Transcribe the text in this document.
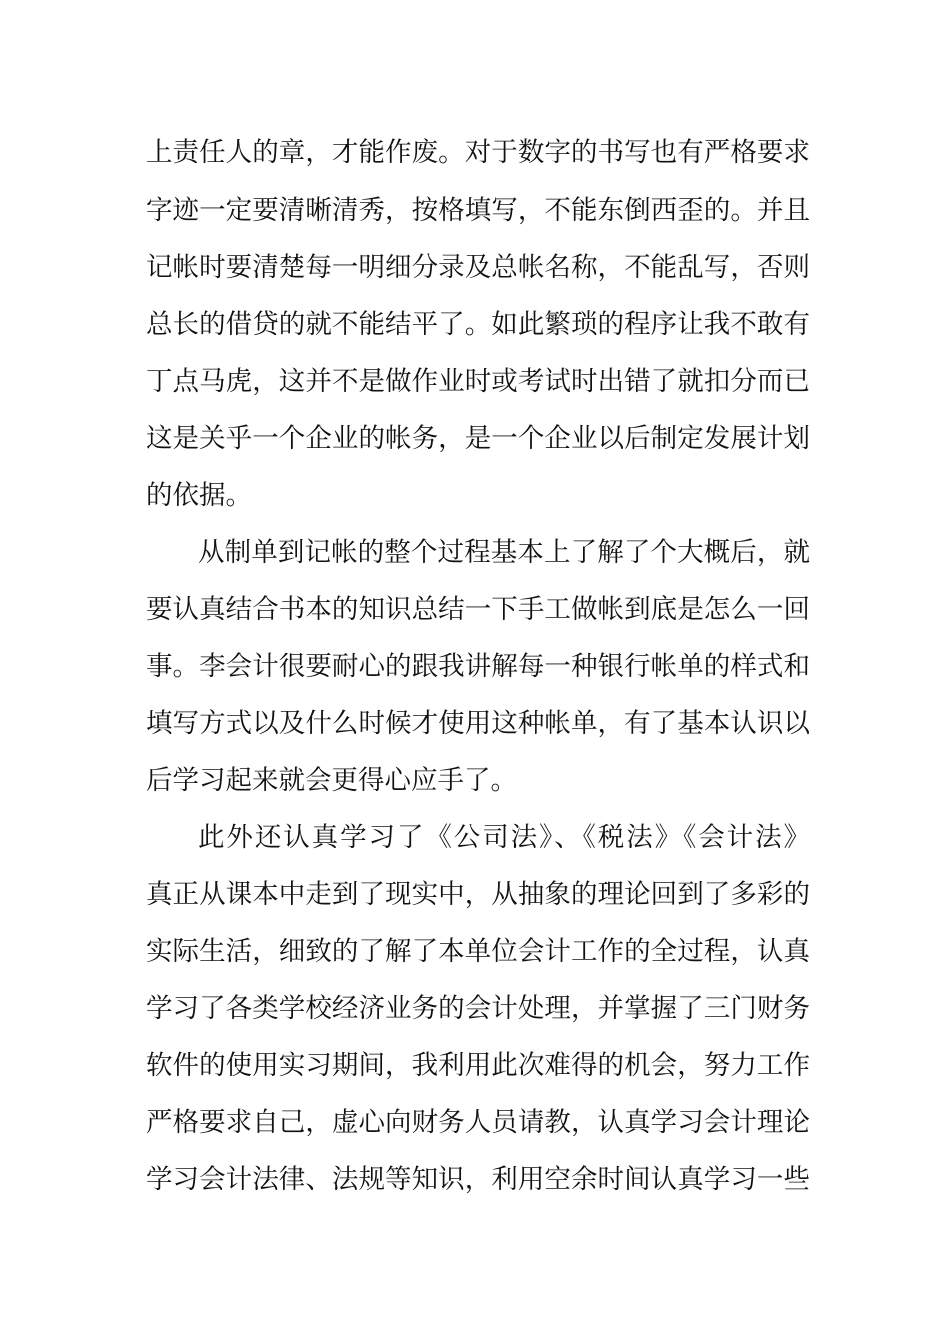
上责任人的章，才能作废。对于数字的书写也有严格要求
字迹一定要清晰清秀，按格填写，不能东倒西歪的。并且
记帐时要清楚每一明细分录及总帐名称，不能乱写，否则
总长的借贷的就不能结平了。如此繁琐的程序让我不敢有
丁点马虎，这并不是做作业时或考试时出错了就扣分而已
这是关乎一个企业的帐务，是一个企业以后制定发展计划
的依据。
从制单到记帐的整个过程基本上了解了个大概后，就
要认真结合书本的知识总结一下手工做帐到底是怎么一回
事。李会计很要耐心的跟我讲解每一种银行帐单的样式和
填写方式以及什么时候才使用这种帐单，有了基本认识以
后学习起来就会更得心应手了。
此外还认真学习了《公司法》、《税法》《会计法》
真正从课本中走到了现实中，从抽象的理论回到了多彩的
实际生活，细致的了解了本单位会计工作的全过程，认真
学习了各类学校经济业务的会计处理，并掌握了三门财务
软件的使用实习期间，我利用此次难得的机会，努力工作
严格要求自己，虚心向财务人员请教，认真学习会计理论
学习会计法律、法规等知识，利用空余时间认真学习一些
